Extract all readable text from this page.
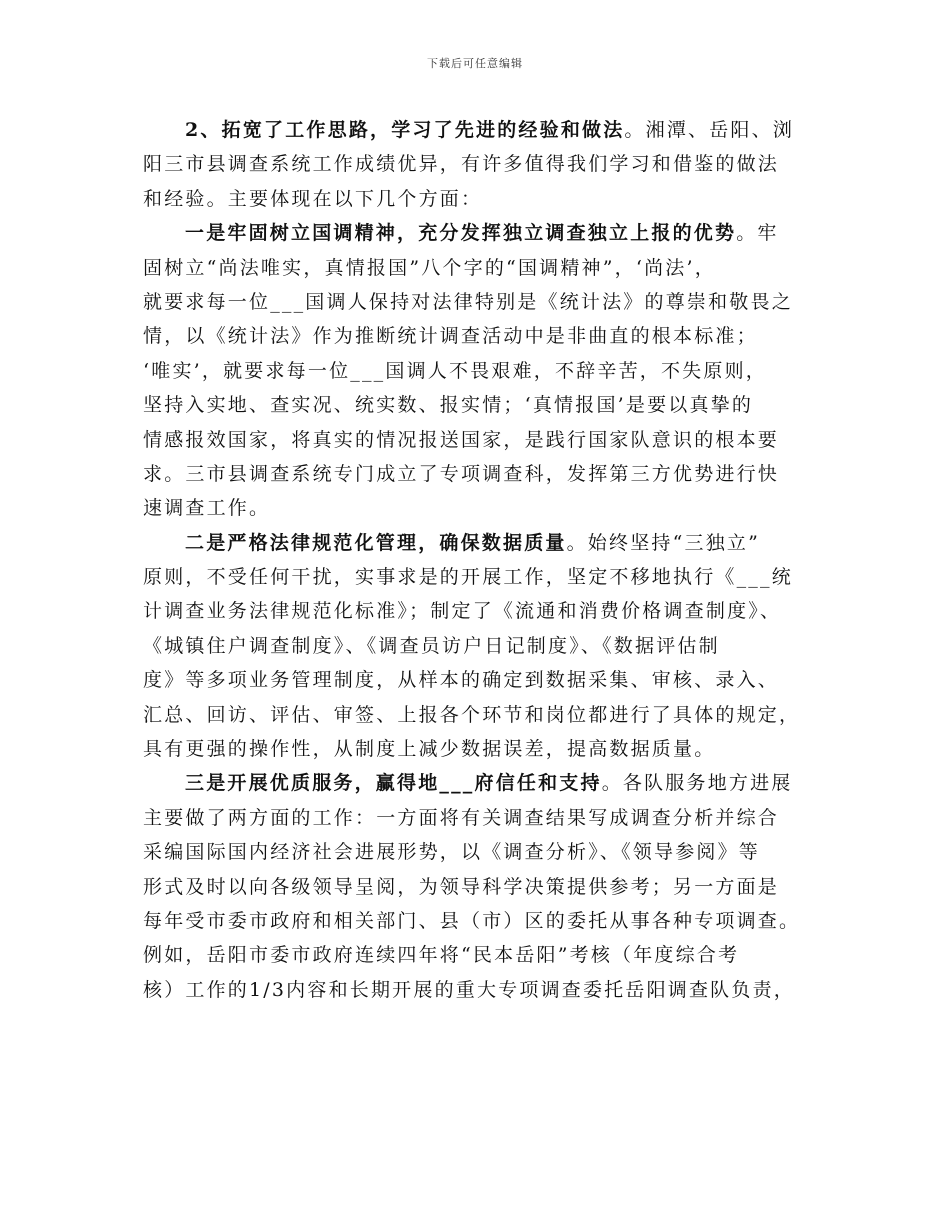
下载后可任意编辑
2、拓宽了工作思路，学习了先进的经验和做法。湘潭、岳阳、浏
阳三市县调查系统工作成绩优异，有许多值得我们学习和借鉴的做法
和经验。主要体现在以下几个方面：
一是牢固树立国调精神，充分发挥独立调查独立上报的优势。牢
固树立“尚法唯实，真情报国”八个字的“国调精神”，‘尚法’，
就要求每一位___国调人保持对法律特别是《统计法》的尊崇和敬畏之
情，以《统计法》作为推断统计调查活动中是非曲直的根本标准；
‘唯实’，就要求每一位___国调人不畏艰难，不辞辛苦，不失原则，
坚持入实地、查实况、统实数、报实情；‘真情报国’是要以真挚的
情感报效国家，将真实的情况报送国家，是践行国家队意识的根本要
求。三市县调查系统专门成立了专项调查科，发挥第三方优势进行快
速调查工作。
二是严格法律规范化管理，确保数据质量。始终坚持“三独立”
原则，不受任何干扰，实事求是的开展工作，坚定不移地执行《___统
计调查业务法律规范化标准》；制定了《流通和消费价格调查制度》、
《城镇住户调查制度》、《调查员访户日记制度》、《数据评估制
度》等多项业务管理制度，从样本的确定到数据采集、审核、录入、
汇总、回访、评估、审签、上报各个环节和岗位都进行了具体的规定，
具有更强的操作性，从制度上减少数据误差，提高数据质量。
三是开展优质服务，赢得地___府信任和支持。各队服务地方进展
主要做了两方面的工作：一方面将有关调查结果写成调查分析并综合
采编国际国内经济社会进展形势，以《调查分析》、《领导参阅》等
形式及时以向各级领导呈阅，为领导科学决策提供参考；另一方面是
每年受市委市政府和相关部门、县（市）区的委托从事各种专项调查。
例如，岳阳市委市政府连续四年将“民本岳阳”考核（年度综合考
核）工作的1/3内容和长期开展的重大专项调查委托岳阳调查队负责，
